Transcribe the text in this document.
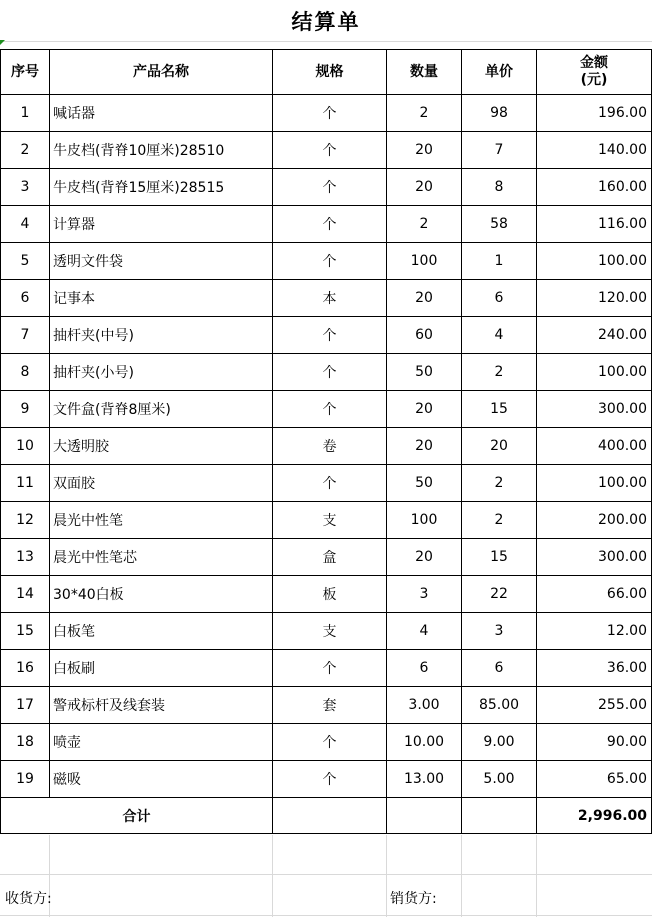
结算单
序号	产品名称	规格	数量	单价	金额
(元)

1	喊话器	个	2	98	196.00
2	牛皮档(背脊10厘米)28510	个	20	7	140.00
3	牛皮档(背脊15厘米)28515	个	20	8	160.00
4	计算器	个	2	58	116.00
5	透明文件袋	个	100	1	100.00
6	记事本	本	20	6	120.00
7	抽杆夹(中号)	个	60	4	240.00
8	抽杆夹(小号)	个	50	2	100.00
9	文件盒(背脊8厘米)	个	20	15	300.00
10	大透明胶	卷	20	20	400.00
11	双面胶	个	50	2	100.00
12	晨光中性笔	支	100	2	200.00
13	晨光中性笔芯	盒	20	15	300.00
14	30*40白板	板	3	22	66.00
15	白板笔	支	4	3	12.00
16	白板刷	个	6	6	36.00
17	警戒标杆及线套装	套	3.00	85.00	255.00
18	喷壶	个	10.00	9.00	90.00
19	磁吸	个	13.00	5.00	65.00
合计					2,996.00
收货方:	销货方:
